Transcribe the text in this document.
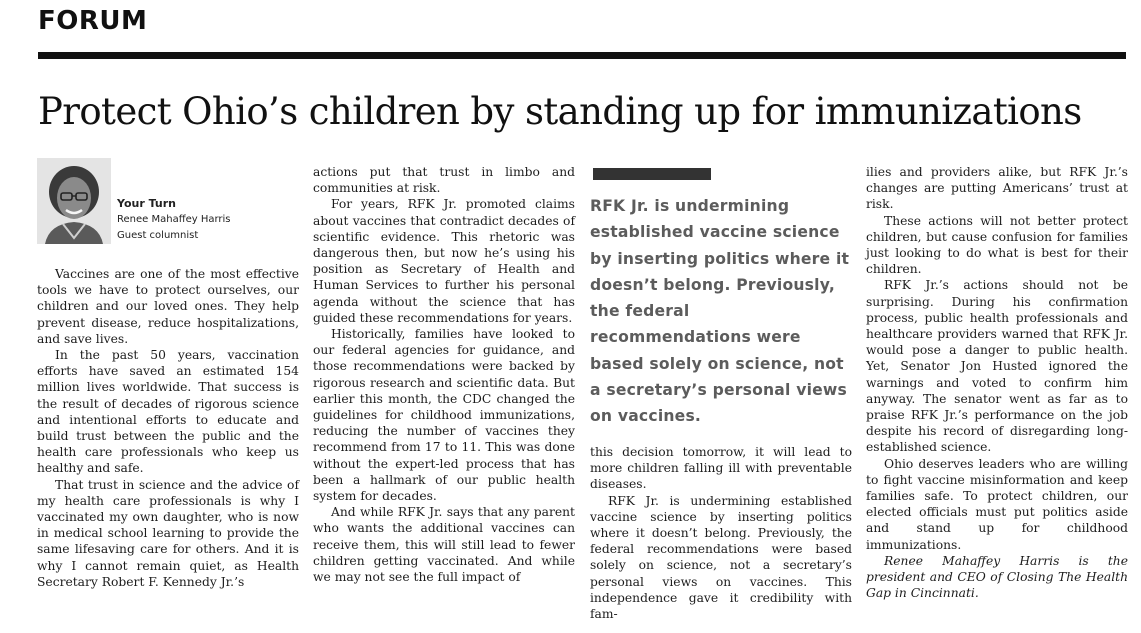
FORUM
Protect Ohio’s children by standing up for immunizations
Your Turn
Renee Mahaffey Harris
Guest columnist

Vaccines are one of the most effective tools we have to protect ourselves, our children and our loved ones. They help prevent disease, reduce hospitalizations, and save lives.

In the past 50 years, vaccination efforts have saved an estimated 154 million lives worldwide. That success is the result of decades of rigorous science and intentional efforts to educate and build trust between the public and the health care professionals who keep us healthy and safe.

That trust in science and the advice of my health care professionals is why I vaccinated my own daughter, who is now in medical school learning to provide the same lifesaving care for others. And it is why I cannot remain quiet, as Health Secretary Robert F. Kennedy Jr.’s

actions put that trust in limbo and communities at risk.

For years, RFK Jr. promoted claims about vaccines that contradict decades of scientific evidence. This rhetoric was dangerous then, but now he’s using his position as Secretary of Health and Human Services to further his personal agenda without the science that has guided these recommendations for years.

Historically, families have looked to our federal agencies for guidance, and those recommendations were backed by rigorous research and scientific data. But earlier this month, the CDC changed the guidelines for childhood immunizations, reducing the number of vaccines they recommend from 17 to 11. This was done without the expert-led process that has been a hallmark of our public health system for decades.

And while RFK Jr. says that any parent who wants the additional vaccines can receive them, this will still lead to fewer children getting vaccinated. And while we may not see the full impact of

RFK Jr. is undermining established vaccine science by inserting politics where it doesn’t belong. Previously, the federal recommendations were based solely on science, not a secretary’s personal views on vaccines.

this decision tomorrow, it will lead to more children falling ill with preventable diseases.

RFK Jr. is undermining established vaccine science by inserting politics where it doesn’t belong. Previously, the federal recommendations were based solely on science, not a secretary’s personal views on vaccines. This independence gave it credibility with fam-

ilies and providers alike, but RFK Jr.’s changes are putting Americans’ trust at risk.

These actions will not better protect children, but cause confusion for families just looking to do what is best for their children.

RFK Jr.’s actions should not be surprising. During his confirmation process, public health professionals and healthcare providers warned that RFK Jr. would pose a danger to public health. Yet, Senator Jon Husted ignored the warnings and voted to confirm him anyway. The senator went as far as to praise RFK Jr.’s performance on the job despite his record of disregarding long-established science.

Ohio deserves leaders who are willing to fight vaccine misinformation and keep families safe. To protect children, our elected officials must put politics aside and stand up for childhood immunizations.

Renee Mahaffey Harris is the president and CEO of Closing The Health Gap in Cincinnati.
